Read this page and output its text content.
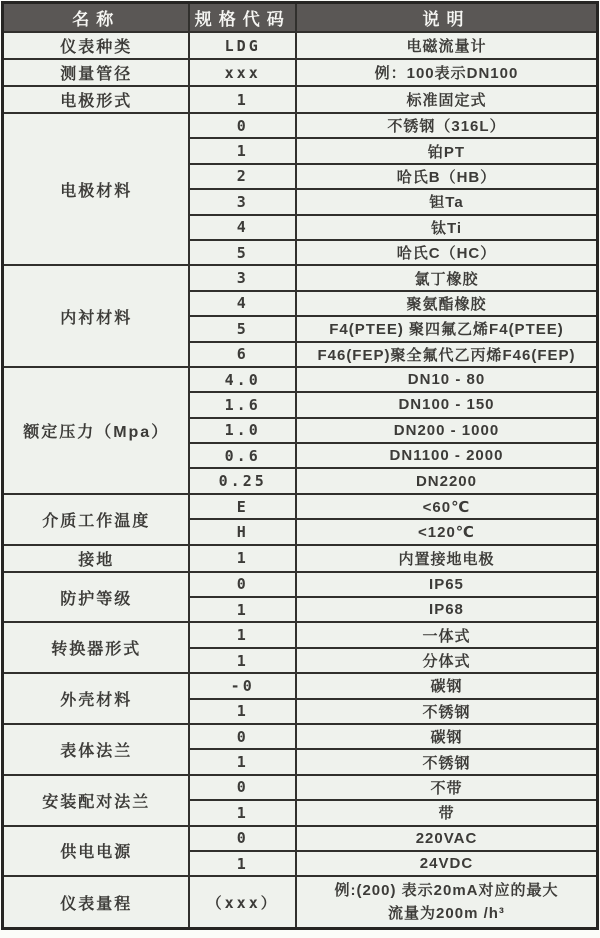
名称	规格代码	说明
仪表种类	LDG	电磁流量计
测量管径	xxx	例：100表示DN100
电极形式	1	标准固定式
电极材料	0	不锈钢（316L）
	1	铂PT
	2	哈氏B（HB）
	3	钽Ta
	4	钛Ti
	5	哈氏C（HC）
内衬材料	3	氯丁橡胶
	4	聚氨酯橡胶
	5	F4(PTEE) 聚四氟乙烯F4(PTEE)
	6	F46(FEP)聚全氟代乙丙烯F46(FEP)
额定压力（Mpa）	4.0	DN10 - 80
	1.6	DN100 - 150
	1.0	DN200 - 1000
	0.6	DN1100 - 2000
	0.25	DN2200
介质工作温度	E	<60℃
	H	<120℃
接地	1	内置接地电极
防护等级	0	IP65
	1	IP68
转换器形式	1	一体式
	1	分体式
外壳材料	-0	碳钢
	1	不锈钢
表体法兰	0	碳钢
	1	不锈钢
安装配对法兰	0	不带
	1	带
供电电源	0	220VAC
	1	24VDC
仪表量程	（xxx）	例:(200) 表示20mA对应的最大
流量为200m /h³
